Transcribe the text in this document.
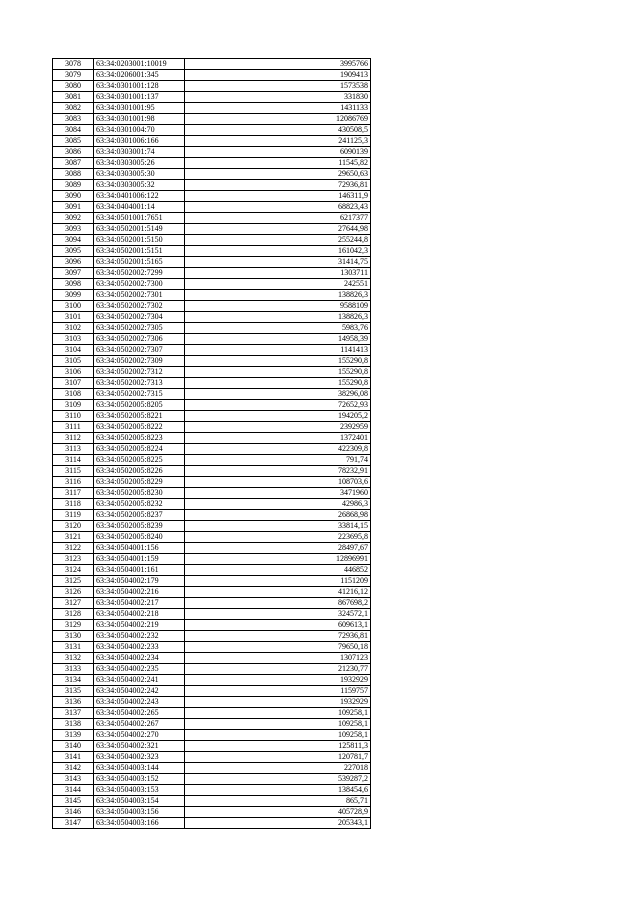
3078	63:34:0203001:10019	3995766
3079	63:34:0206001:345	1909413
3080	63:34:0301001:128	1573538
3081	63:34:0301001:137	331830
3082	63:34:0301001:95	1431133
3083	63:34:0301001:98	12086769
3084	63:34:0301004:70	430508,5
3085	63:34:0301006:166	241125,3
3086	63:34:0303001:74	6090139
3087	63:34:0303005:26	11545,82
3088	63:34:0303005:30	29650,63
3089	63:34:0303005:32	72936,81
3090	63:34:0401006:122	146311,9
3091	63:34:0404001:14	68823,43
3092	63:34:0501001:7651	6217377
3093	63:34:0502001:5149	27644,98
3094	63:34:0502001:5150	255244,8
3095	63:34:0502001:5151	161042,3
3096	63:34:0502001:5165	31414,75
3097	63:34:0502002:7299	1303711
3098	63:34:0502002:7300	242551
3099	63:34:0502002:7301	138826,3
3100	63:34:0502002:7302	9588109
3101	63:34:0502002:7304	138826,3
3102	63:34:0502002:7305	5983,76
3103	63:34:0502002:7306	14958,39
3104	63:34:0502002:7307	1141413
3105	63:34:0502002:7309	155290,8
3106	63:34:0502002:7312	155290,8
3107	63:34:0502002:7313	155290,8
3108	63:34:0502002:7315	38296,08
3109	63:34:0502005:8205	72652,93
3110	63:34:0502005:8221	194205,2
3111	63:34:0502005:8222	2392959
3112	63:34:0502005:8223	1372401
3113	63:34:0502005:8224	422309,8
3114	63:34:0502005:8225	791,74
3115	63:34:0502005:8226	78232,91
3116	63:34:0502005:8229	108703,6
3117	63:34:0502005:8230	3471960
3118	63:34:0502005:8232	42986,3
3119	63:34:0502005:8237	26868,98
3120	63:34:0502005:8239	33814,15
3121	63:34:0502005:8240	223695,8
3122	63:34:0504001:156	28497,67
3123	63:34:0504001:159	12896991
3124	63:34:0504001:161	446852
3125	63:34:0504002:179	1151209
3126	63:34:0504002:216	41216,12
3127	63:34:0504002:217	867698,2
3128	63:34:0504002:218	324572,1
3129	63:34:0504002:219	609613,1
3130	63:34:0504002:232	72936,81
3131	63:34:0504002:233	79650,18
3132	63:34:0504002:234	1307123
3133	63:34:0504002:235	21230,77
3134	63:34:0504002:241	1932929
3135	63:34:0504002:242	1159757
3136	63:34:0504002:243	1932929
3137	63:34:0504002:265	109258,1
3138	63:34:0504002:267	109258,1
3139	63:34:0504002:270	109258,1
3140	63:34:0504002:321	125811,3
3141	63:34:0504002:323	120781,7
3142	63:34:0504003:144	227018
3143	63:34:0504003:152	539287,2
3144	63:34:0504003:153	138454,6
3145	63:34:0504003:154	865,71
3146	63:34:0504003:156	405728,9
3147	63:34:0504003:166	205343,1
